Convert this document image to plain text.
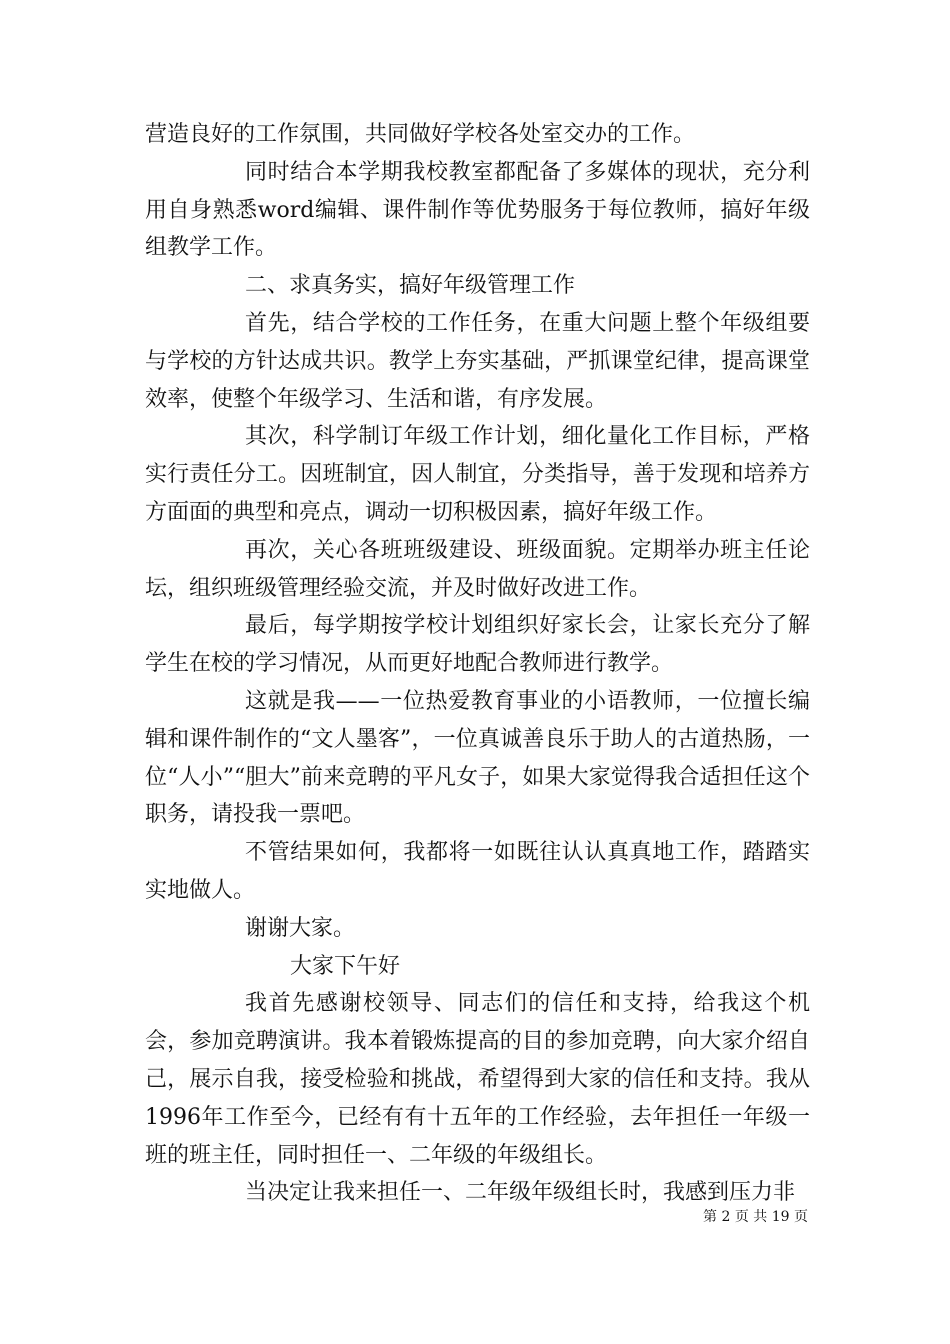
营造良好的工作氛围，共同做好学校各处室交办的工作。

同时结合本学期我校教室都配备了多媒体的现状，充分利用自身熟悉word编辑、课件制作等优势服务于每位教师，搞好年级组教学工作。

二、求真务实，搞好年级管理工作

首先，结合学校的工作任务，在重大问题上整个年级组要与学校的方针达成共识。教学上夯实基础，严抓课堂纪律，提高课堂效率，使整个年级学习、生活和谐，有序发展。

其次，科学制订年级工作计划，细化量化工作目标，严格实行责任分工。因班制宜，因人制宜，分类指导，善于发现和培养方方面面的典型和亮点，调动一切积极因素，搞好年级工作。

再次，关心各班班级建设、班级面貌。定期举办班主任论坛，组织班级管理经验交流，并及时做好改进工作。

最后，每学期按学校计划组织好家长会，让家长充分了解学生在校的学习情况，从而更好地配合教师进行教学。

这就是我——一位热爱教育事业的小语教师，一位擅长编辑和课件制作的“文人墨客”，一位真诚善良乐于助人的古道热肠，一位“人小”“胆大”前来竞聘的平凡女子，如果大家觉得我合适担任这个职务，请投我一票吧。

不管结果如何，我都将一如既往认认真真地工作，踏踏实实地做人。

谢谢大家。

大家下午好

我首先感谢校领导、同志们的信任和支持，给我这个机会，参加竞聘演讲。我本着锻炼提高的目的参加竞聘，向大家介绍自己，展示自我，接受检验和挑战，希望得到大家的信任和支持。我从1996年工作至今，已经有有十五年的工作经验，去年担任一年级一班的班主任，同时担任一、二年级的年级组长。

当决定让我来担任一、二年级年级组长时，我感到压力非

第 2 页 共 19 页
